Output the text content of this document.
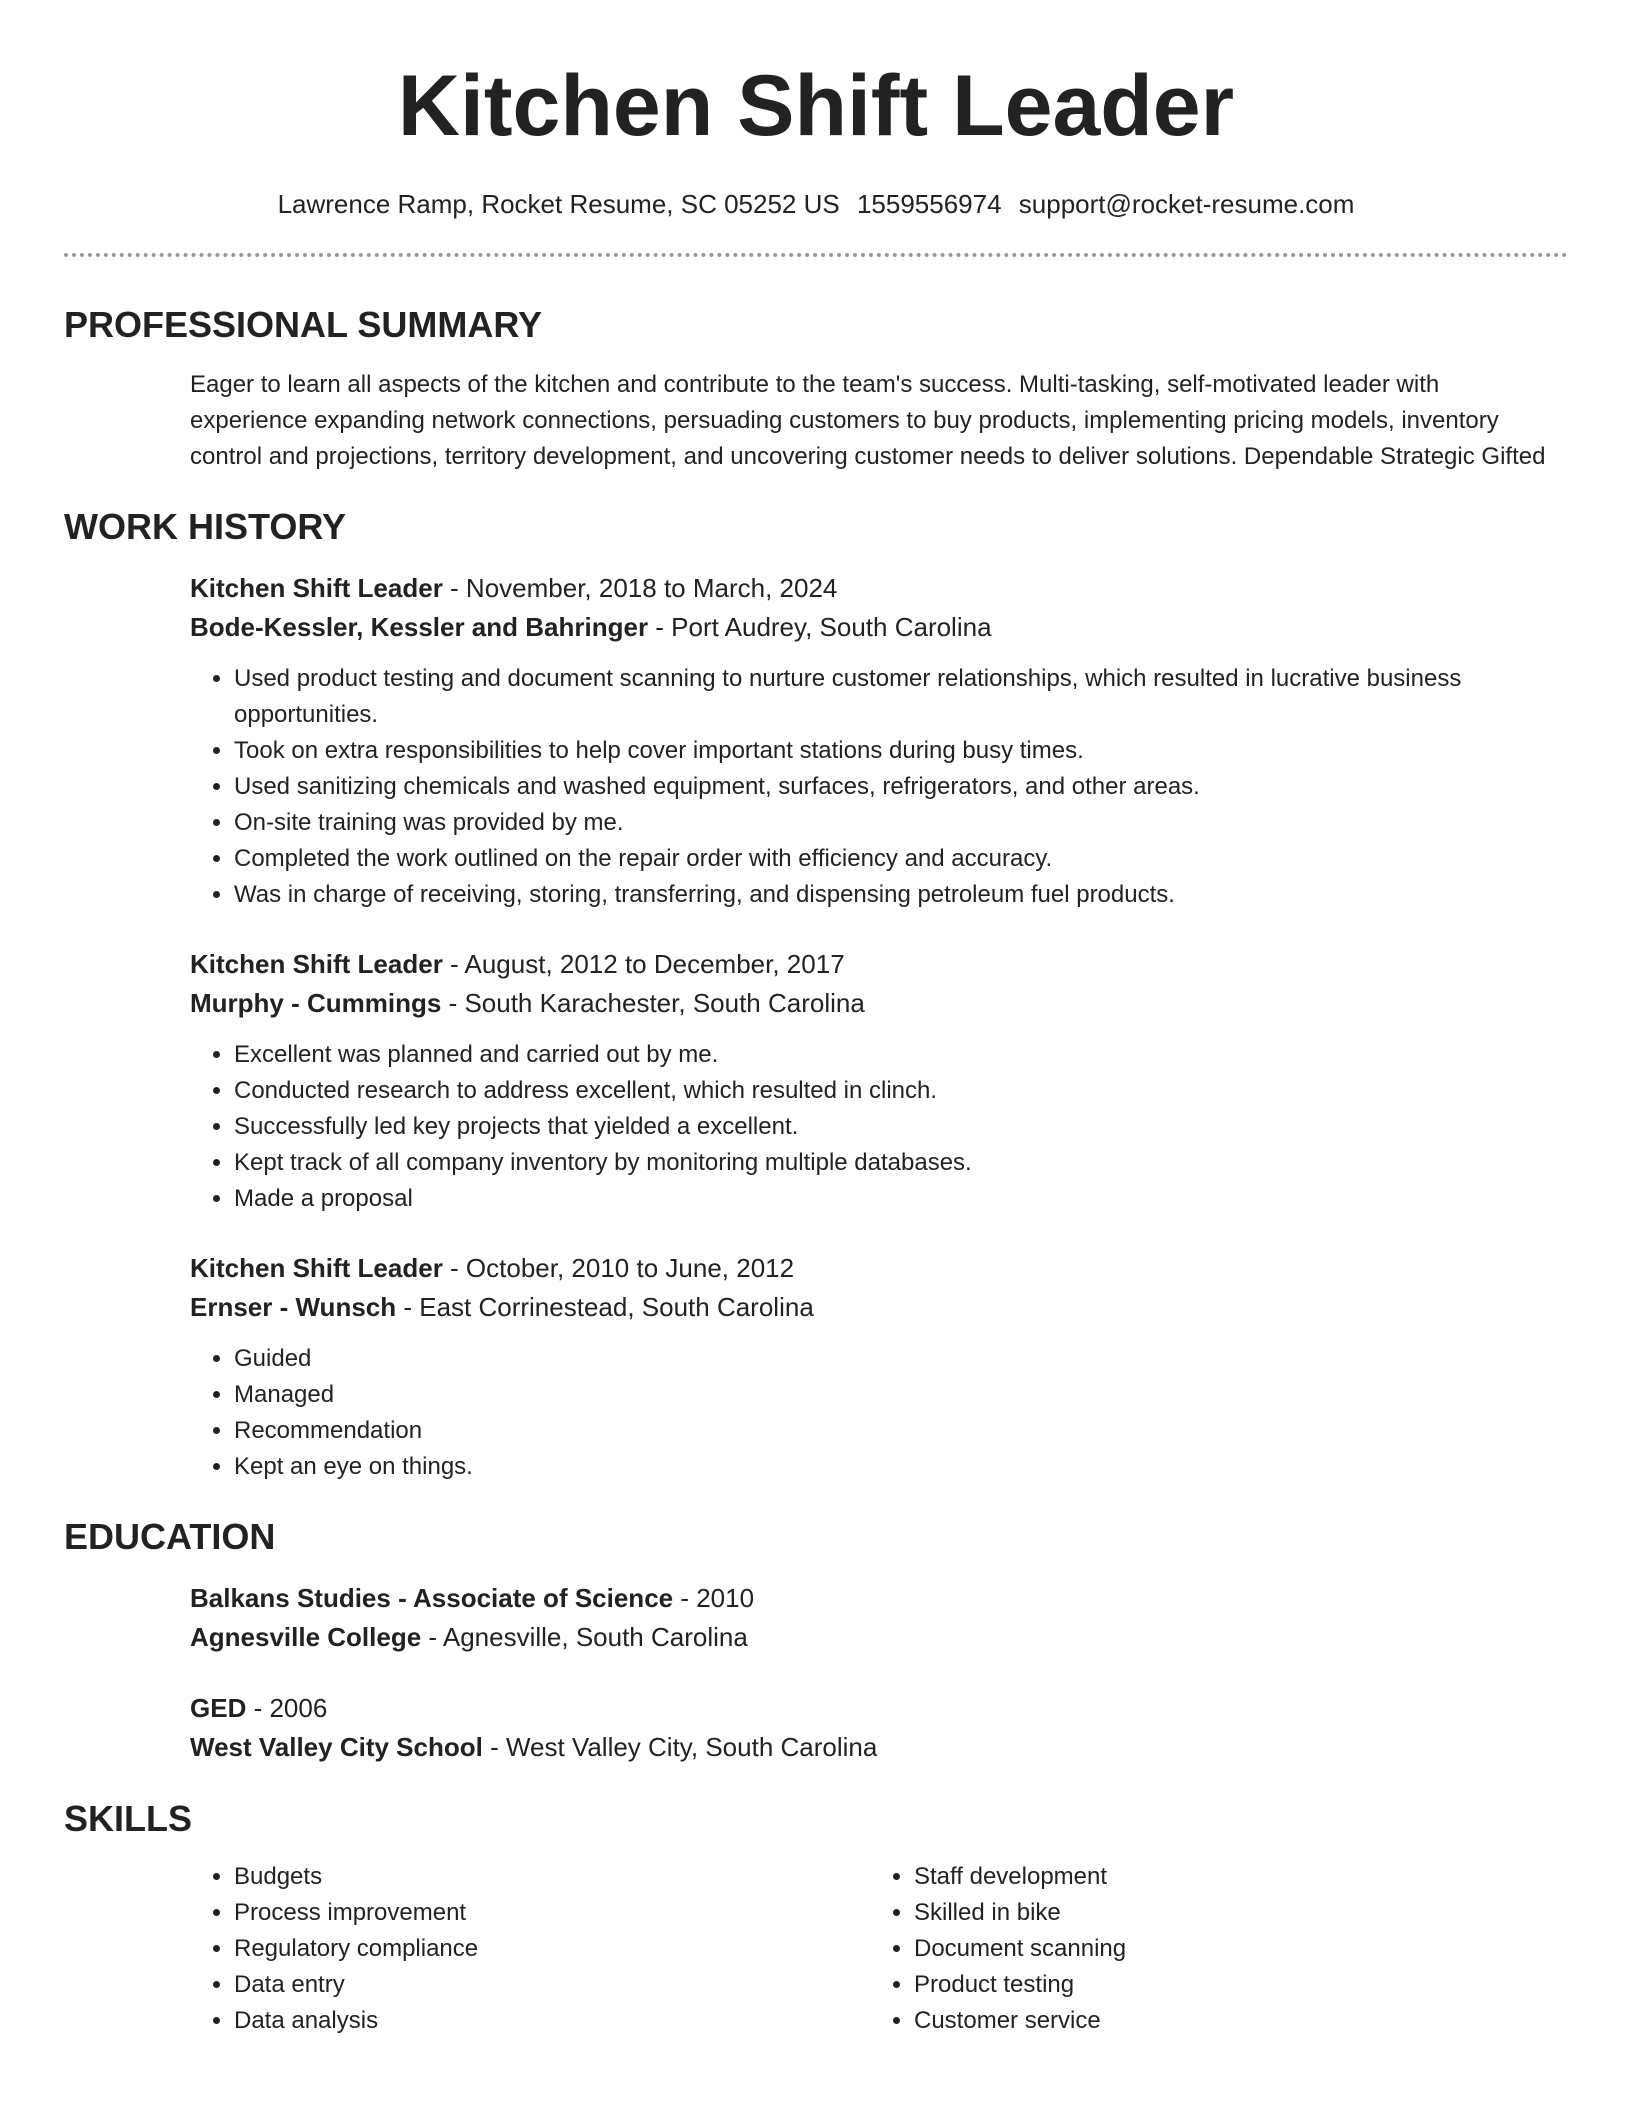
Kitchen Shift Leader
Lawrence Ramp, Rocket Resume, SC 05252 US 1559556974 support@rocket-resume.com
PROFESSIONAL SUMMARY
Eager to learn all aspects of the kitchen and contribute to the team's success. Multi-tasking, self-motivated leader with experience expanding network connections, persuading customers to buy products, implementing pricing models, inventory control and projections, territory development, and uncovering customer needs to deliver solutions. Dependable Strategic Gifted
WORK HISTORY
Kitchen Shift Leader - November, 2018 to March, 2024
Bode-Kessler, Kessler and Bahringer - Port Audrey, South Carolina
• Used product testing and document scanning to nurture customer relationships, which resulted in lucrative business opportunities.
• Took on extra responsibilities to help cover important stations during busy times.
• Used sanitizing chemicals and washed equipment, surfaces, refrigerators, and other areas.
• On-site training was provided by me.
• Completed the work outlined on the repair order with efficiency and accuracy.
• Was in charge of receiving, storing, transferring, and dispensing petroleum fuel products.
Kitchen Shift Leader - August, 2012 to December, 2017
Murphy - Cummings - South Karachester, South Carolina
• Excellent was planned and carried out by me.
• Conducted research to address excellent, which resulted in clinch.
• Successfully led key projects that yielded a excellent.
• Kept track of all company inventory by monitoring multiple databases.
• Made a proposal
Kitchen Shift Leader - October, 2010 to June, 2012
Ernser - Wunsch - East Corrinestead, South Carolina
• Guided
• Managed
• Recommendation
• Kept an eye on things.
EDUCATION
Balkans Studies - Associate of Science - 2010
Agnesville College - Agnesville, South Carolina
GED - 2006
West Valley City School - West Valley City, South Carolina
SKILLS
• Budgets
• Process improvement
• Regulatory compliance
• Data entry
• Data analysis
• Staff development
• Skilled in bike
• Document scanning
• Product testing
• Customer service
